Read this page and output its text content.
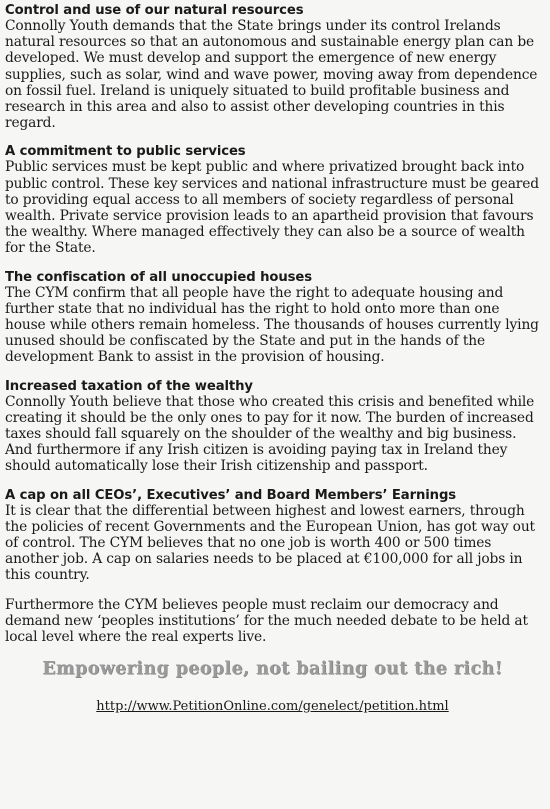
Control and use of our natural resources

Connolly Youth demands that the State brings under its control Irelands natural resources so that an autonomous and sustainable energy plan can be developed. We must develop and support the emergence of new energy supplies, such as solar, wind and wave power, moving away from dependence on fossil fuel. Ireland is uniquely situated to build profitable business and research in this area and also to assist other developing countries in this regard.

A commitment to public services

Public services must be kept public and where privatized brought back into public control. These key services and national infrastructure must be geared to providing equal access to all members of society regardless of personal wealth. Private service provision leads to an apartheid provision that favours the wealthy. Where managed effectively they can also be a source of wealth for the State.

The confiscation of all unoccupied houses

The CYM confirm that all people have the right to adequate housing and further state that no individual has the right to hold onto more than one house while others remain homeless. The thousands of houses currently lying unused should be confiscated by the State and put in the hands of the development Bank to assist in the provision of housing.

Increased taxation of the wealthy

Connolly Youth believe that those who created this crisis and benefited while creating it should be the only ones to pay for it now. The burden of increased taxes should fall squarely on the shoulder of the wealthy and big business. And furthermore if any Irish citizen is avoiding paying tax in Ireland they should automatically lose their Irish citizenship and passport.

A cap on all CEOs’, Executives’ and Board Members’ Earnings

It is clear that the differential between highest and lowest earners, through the policies of recent Governments and the European Union, has got way out of control. The CYM believes that no one job is worth 400 or 500 times another job. A cap on salaries needs to be placed at €100,000 for all jobs in this country.

Furthermore the CYM believes people must reclaim our democracy and demand new ‘peoples institutions’ for the much needed debate to be held at local level where the real experts live.

Empowering people, not bailing out the rich!

http://www.PetitionOnline.com/genelect/petition.html
